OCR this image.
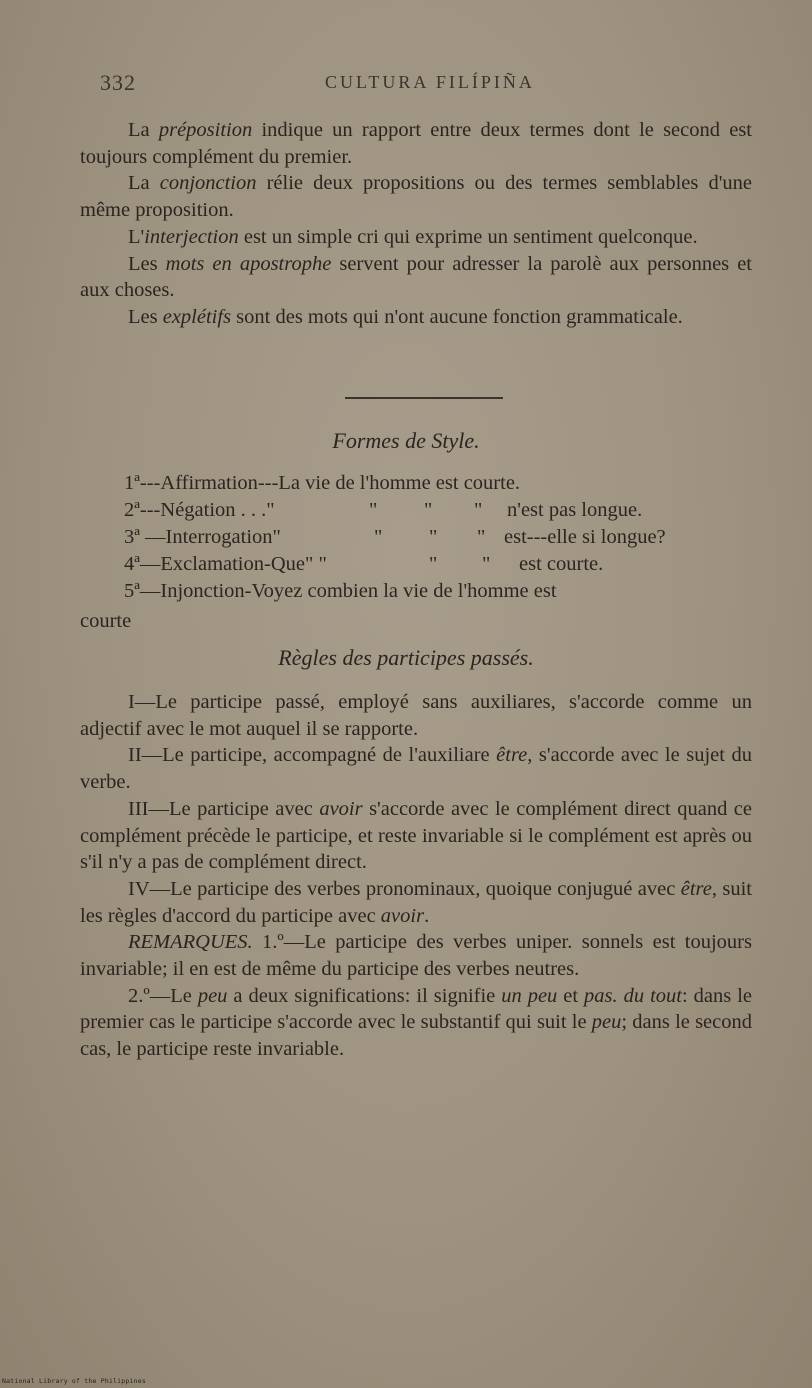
332	CULTURA FILÍPIÑA

La préposition indique un rapport entre deux termes dont le second est toujours complément du premier.

La conjonction rélie deux propositions ou des termes semblables d'une même proposition.

L'interjection est un simple cri qui exprime un sentiment quelconque.

Les mots en apostrophe servent pour adresser la parolè aux personnes et aux choses.

Les explétifs sont des mots qui n'ont aucune fonction grammaticale.

Formes de Style.
1ª---Affirmation---La vie de l'homme est courte.
2ª---Négation . . ."	" " " n'est pas longue.
3ª —Interrogation"	" " " est---elle si longue?
4ª—Exclamation-Que" "	" " est courte.
5ª—Injonction-Voyez combien la vie de l'homme est

courte

Règles des participes passés.

I—Le participe passé, employé sans auxiliares, s'accorde comme un adjectif avec le mot auquel il se rapporte.

II—Le participe, accompagné de l'auxiliare être, s'accorde avec le sujet du verbe.

III—Le participe avec avoir s'accorde avec le complément direct quand ce complément précède le participe, et reste invariable si le complément est après ou s'il n'y a pas de complément direct.

IV—Le participe des verbes pronominaux, quoique conjugué avec être, suit les règles d'accord du participe avec avoir.

REMARQUES. 1.º—Le participe des verbes uniper. sonnels est toujours invariable; il en est de même du participe des verbes neutres.

2.º—Le peu a deux significations: il signifie un peu et pas. du tout: dans le premier cas le participe s'accorde avec le substantif qui suit le peu; dans le second cas, le participe reste invariable.

National Library of the Philippines
